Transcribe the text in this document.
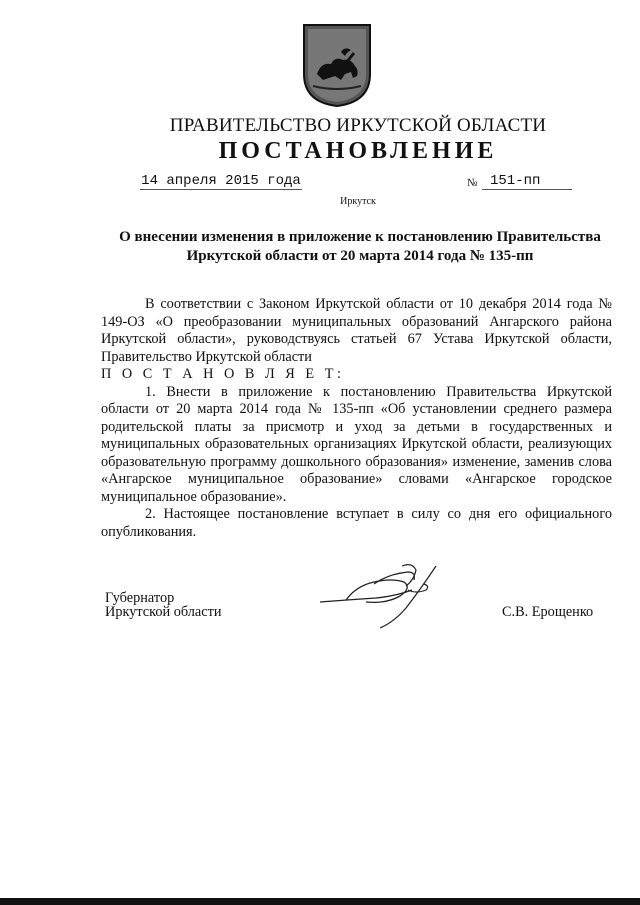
ПРАВИТЕЛЬСТВО ИРКУТСКОЙ ОБЛАСТИ
ПОСТАНОВЛЕНИЕ
14 апреля 2015 года	№ 151-пп
Иркутск
О внесении изменения в приложение к постановлению Правительства
Иркутской области от 20 марта 2014 года № 135-пп

В соответствии с Законом Иркутской области от 10 декабря 2014 года № 149-ОЗ «О преобразовании муниципальных образований Ангарского района Иркутской области», руководствуясь статьей 67 Устава Иркутской области, Правительство Иркутской области

П О С Т А Н О В Л Я Е Т:

1. Внести в приложение к постановлению Правительства Иркутской области от 20 марта 2014 года № 135-пп «Об установлении среднего размера родительской платы за присмотр и уход за детьми в государственных и муниципальных образовательных организациях Иркутской области, реализующих образовательную программу дошкольного образования» изменение, заменив слова «Ангарское муниципальное образование» словами «Ангарское городское муниципальное образование».

2. Настоящее постановление вступает в силу со дня его официального опубликования.

Губернатор
Иркутской области	С.В. Ерощенко
